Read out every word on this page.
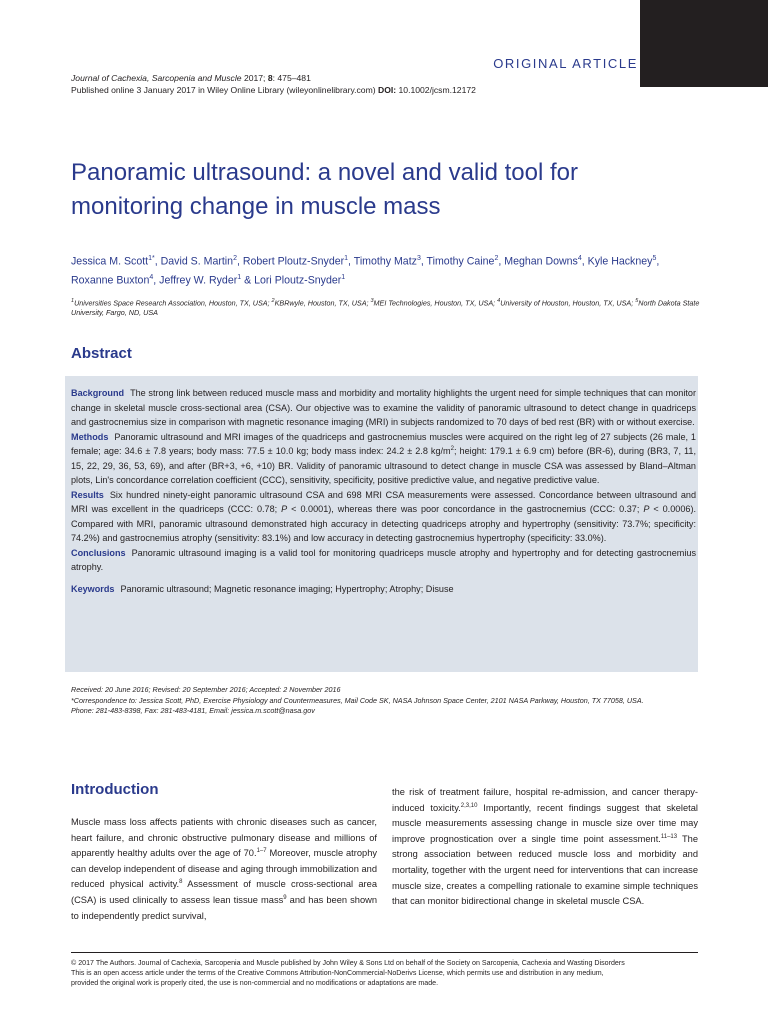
ORIGINAL ARTICLE
Journal of Cachexia, Sarcopenia and Muscle 2017; 8: 475–481
Published online 3 January 2017 in Wiley Online Library (wileyonlinelibrary.com) DOI: 10.1002/jcsm.12172
Panoramic ultrasound: a novel and valid tool for monitoring change in muscle mass
Jessica M. Scott$^{1*}$, David S. Martin$^2$, Robert Ploutz-Snyder$^1$, Timothy Matz$^3$, Timothy Caine$^2$, Meghan Downs$^4$, Kyle Hackney$^5$, Roxanne Buxton$^4$, Jeffrey W. Ryder$^1$ & Lori Ploutz-Snyder$^1$
$^1$Universities Space Research Association, Houston, TX, USA; $^2$KBRwyle, Houston, TX, USA; $^3$MEI Technologies, Houston, TX, USA; $^4$University of Houston, Houston, TX, USA; $^5$North Dakota State University, Fargo, ND, USA
Abstract

Background The strong link between reduced muscle mass and morbidity and mortality highlights the urgent need for simple techniques that can monitor change in skeletal muscle cross-sectional area (CSA). Our objective was to examine the validity of panoramic ultrasound to detect change in quadriceps and gastrocnemius size in comparison with magnetic resonance imaging (MRI) in subjects randomized to 70 days of bed rest (BR) with or without exercise.

Methods Panoramic ultrasound and MRI images of the quadriceps and gastrocnemius muscles were acquired on the right leg of 27 subjects (26 male, 1 female; age: 34.6 ± 7.8 years; body mass: 77.5 ± 10.0 kg; body mass index: 24.2 ± 2.8 $kg/m^2$; height: 179.1 ± 6.9 cm) before (BR-6), during (BR3, 7, 11, 15, 22, 29, 36, 53, 69), and after (BR+3, +6, +10) BR. Validity of panoramic ultrasound to detect change in muscle CSA was assessed by Bland–Altman plots, Lin's concordance correlation coefficient (CCC), sensitivity, specificity, positive predictive value, and negative predictive value.

Results Six hundred ninety-eight panoramic ultrasound CSA and 698 MRI CSA measurements were assessed. Concordance between ultrasound and MRI was excellent in the quadriceps (CCC: 0.78; P < 0.0001), whereas there was poor concordance in the gastrocnemius (CCC: 0.37; P < 0.0006). Compared with MRI, panoramic ultrasound demonstrated high accuracy in detecting quadriceps atrophy and hypertrophy (sensitivity: 73.7%; specificity: 74.2%) and gastrocnemius atrophy (sensitivity: 83.1%) and low accuracy in detecting gastrocnemius hypertrophy (specificity: 33.0%).

Conclusions Panoramic ultrasound imaging is a valid tool for monitoring quadriceps muscle atrophy and hypertrophy and for detecting gastrocnemius atrophy.

Keywords Panoramic ultrasound; Magnetic resonance imaging; Hypertrophy; Atrophy; Disuse

Received: 20 June 2016; Revised: 20 September 2016; Accepted: 2 November 2016
*Correspondence to: Jessica Scott, PhD, Exercise Physiology and Countermeasures, Mail Code SK, NASA Johnson Space Center, 2101 NASA Parkway, Houston, TX 77058, USA.
Phone: 281-483-8398, Fax: 281-483-4181, Email: jessica.m.scott@nasa.gov
Introduction

Muscle mass loss affects patients with chronic diseases such as cancer, heart failure, and chronic obstructive pulmonary disease and millions of apparently healthy adults over the age of 70.$^{1-7}$ Moreover, muscle atrophy can develop independent of disease and aging through immobilization and reduced physical activity.$^8$ Assessment of muscle cross-sectional area (CSA) is used clinically to assess lean tissue mass$^9$ and has been shown to independently predict survival,

the risk of treatment failure, hospital re-admission, and cancer therapy-induced toxicity.$^{2,3,10}$ Importantly, recent findings suggest that skeletal muscle measurements assessing change in muscle size over time may improve prognostication over a single time point assessment.$^{11-13}$ The strong association between reduced muscle loss and morbidity and mortality, together with the urgent need for interventions that can increase muscle size, creates a compelling rationale to examine simple techniques that can monitor bidirectional change in skeletal muscle CSA.

© 2017 The Authors. Journal of Cachexia, Sarcopenia and Muscle published by John Wiley & Sons Ltd on behalf of the Society on Sarcopenia, Cachexia and Wasting Disorders
This is an open access article under the terms of the Creative Commons Attribution-NonCommercial-NoDerivs License, which permits use and distribution in any medium,
provided the original work is properly cited, the use is non-commercial and no modifications or adaptations are made.
